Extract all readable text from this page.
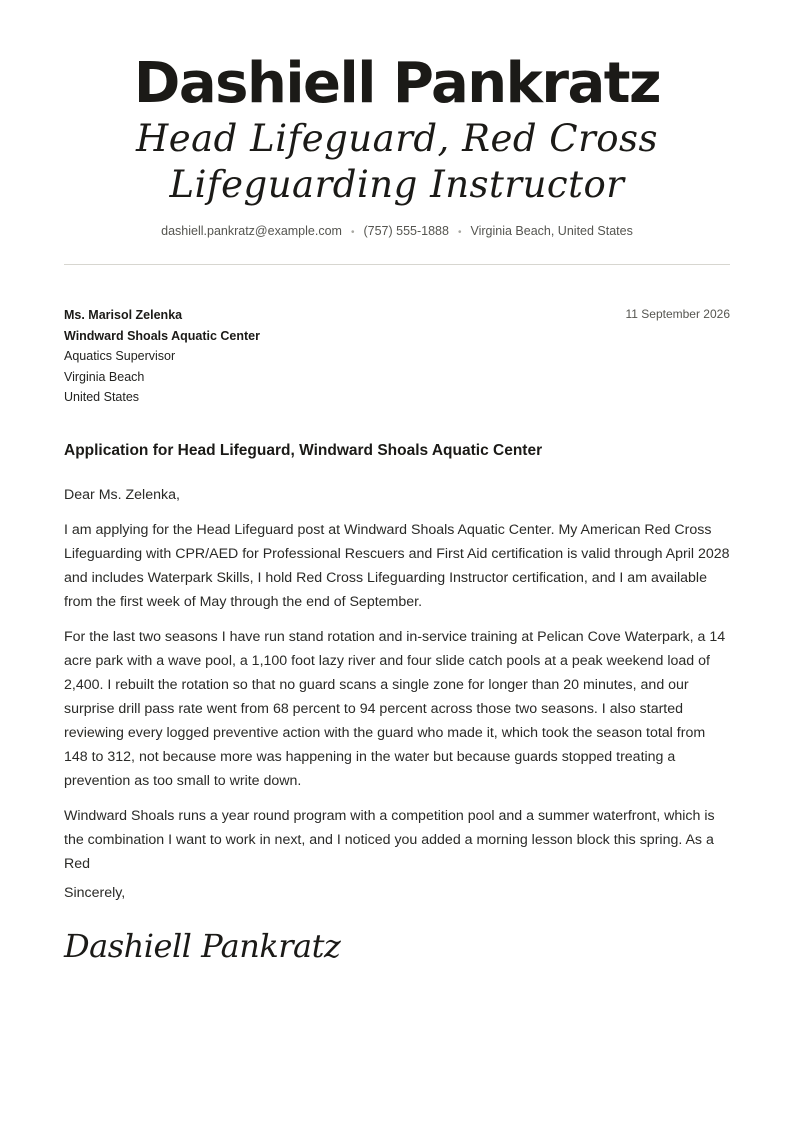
Dashiell Pankratz
Head Lifeguard, Red Cross Lifeguarding Instructor
dashiell.pankratz@example.com • (757) 555-1888 • Virginia Beach, United States
Ms. Marisol Zelenka
Windward Shoals Aquatic Center
Aquatics Supervisor
Virginia Beach
United States
11 September 2026
Application for Head Lifeguard, Windward Shoals Aquatic Center

Dear Ms. Zelenka,

I am applying for the Head Lifeguard post at Windward Shoals Aquatic Center. My American Red Cross Lifeguarding with CPR/AED for Professional Rescuers and First Aid certification is valid through April 2028 and includes Waterpark Skills, I hold Red Cross Lifeguarding Instructor certification, and I am available from the first week of May through the end of September.

For the last two seasons I have run stand rotation and in-service training at Pelican Cove Waterpark, a 14 acre park with a wave pool, a 1,100 foot lazy river and four slide catch pools at a peak weekend load of 2,400. I rebuilt the rotation so that no guard scans a single zone for longer than 20 minutes, and our surprise drill pass rate went from 68 percent to 94 percent across those two seasons. I also started reviewing every logged preventive action with the guard who made it, which took the season total from 148 to 312, not because more was happening in the water but because guards stopped treating a prevention as too small to write down.

Windward Shoals runs a year round program with a competition pool and a summer waterfront, which is the combination I want to work in next, and I noticed you added a morning lesson block this spring. As a Red

Sincerely,
Dashiell Pankratz
